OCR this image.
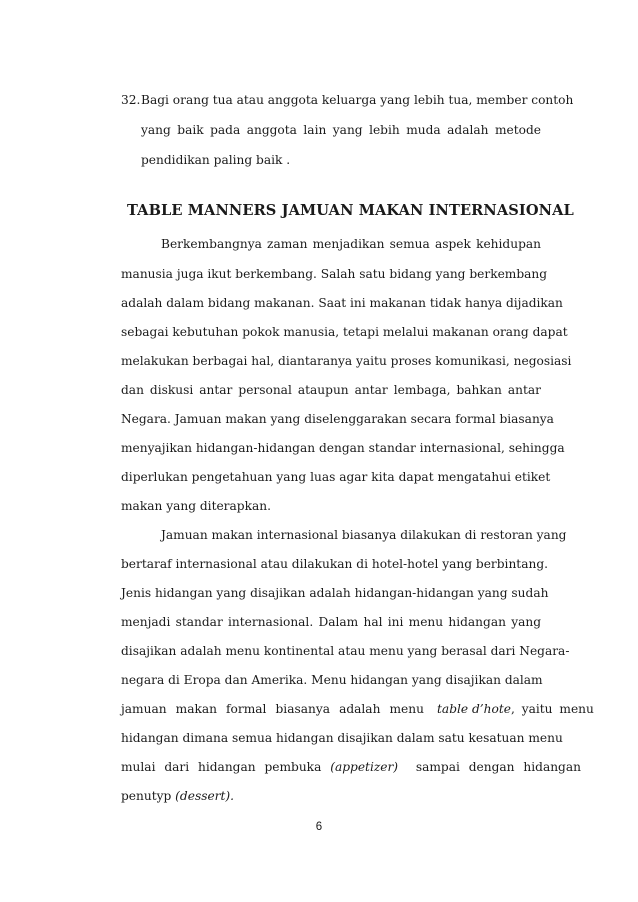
32. Bagi orang tua atau anggota keluarga yang lebih tua, member contoh
yang baik pada anggota lain yang lebih muda adalah metode
pendidikan paling baik .
TABLE MANNERS JAMUAN MAKAN INTERNASIONAL
Berkembangnya zaman menjadikan semua aspek kehidupan
manusia juga ikut berkembang. Salah satu bidang yang berkembang
adalah dalam bidang makanan. Saat ini makanan tidak hanya dijadikan
sebagai kebutuhan pokok manusia, tetapi melalui makanan orang dapat
melakukan berbagai hal, diantaranya yaitu proses komunikasi, negosiasi
dan diskusi antar personal ataupun antar lembaga, bahkan antar
Negara. Jamuan makan yang diselenggarakan secara formal biasanya
menyajikan hidangan-hidangan dengan standar internasional, sehingga
diperlukan pengetahuan yang luas agar kita dapat mengatahui etiket
makan yang diterapkan.
Jamuan makan internasional biasanya dilakukan di restoran yang
bertaraf internasional atau dilakukan di hotel-hotel yang berbintang.
Jenis hidangan yang disajikan adalah hidangan-hidangan yang sudah
menjadi standar internasional. Dalam hal ini menu hidangan yang
disajikan adalah menu kontinental atau menu yang berasal dari Negara-
negara di Eropa dan Amerika. Menu hidangan yang disajikan dalam
jamuan makan formal biasanya adalah menu table d’hote , yaitu menu
hidangan dimana semua hidangan disajikan dalam satu kesatuan menu
mulai dari hidangan pembuka (appetizer) sampai dengan hidangan
penutyp (dessert).
6
